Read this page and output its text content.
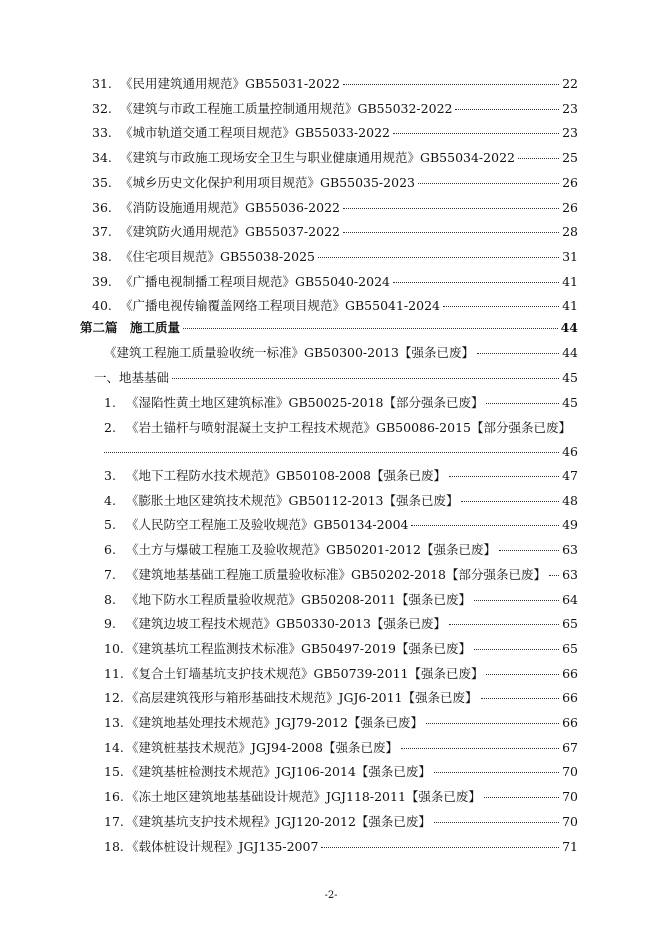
31. 《民用建筑通用规范》GB55031-2022	22
32. 《建筑与市政工程施工质量控制通用规范》GB55032-2022	23
33. 《城市轨道交通工程项目规范》GB55033-2022	23
34. 《建筑与市政施工现场安全卫生与职业健康通用规范》GB55034-2022	25
35. 《城乡历史文化保护利用项目规范》GB55035-2023	26
36. 《消防设施通用规范》GB55036-2022	26
37. 《建筑防火通用规范》GB55037-2022	28
38. 《住宅项目规范》GB55038-2025	31
39. 《广播电视制播工程项目规范》GB55040-2024	41
40. 《广播电视传输覆盖网络工程项目规范》GB55041-2024	41
第二篇　施工质量	44
《建筑工程施工质量验收统一标准》GB50300-2013【强条已废】	44
一、地基基础	45
1. 《湿陷性黄土地区建筑标准》GB50025-2018【部分强条已废】	45
2. 《岩土锚杆与喷射混凝土支护工程技术规范》GB50086-2015【部分强条已废】
46
3. 《地下工程防水技术规范》GB50108-2008【强条已废】	47
4. 《膨胀土地区建筑技术规范》GB50112-2013【强条已废】	48
5. 《人民防空工程施工及验收规范》GB50134-2004	49
6. 《土方与爆破工程施工及验收规范》GB50201-2012【强条已废】	63
7. 《建筑地基基础工程施工质量验收标准》GB50202-2018【部分强条已废】 63
8. 《地下防水工程质量验收规范》GB50208-2011【强条已废】	64
9. 《建筑边坡工程技术规范》GB50330-2013【强条已废】	65
10. 《建筑基坑工程监测技术标准》GB50497-2019【强条已废】	65
11. 《复合土钉墙基坑支护技术规范》GB50739-2011【强条已废】	66
12. 《高层建筑筏形与箱形基础技术规范》JGJ6-2011【强条已废】	66
13. 《建筑地基处理技术规范》JGJ79-2012【强条已废】	66
14. 《建筑桩基技术规范》JGJ94-2008【强条已废】	67
15. 《建筑基桩检测技术规范》JGJ106-2014【强条已废】	70
16. 《冻土地区建筑地基基础设计规范》JGJ118-2011【强条已废】	70
17. 《建筑基坑支护技术规程》JGJ120-2012【强条已废】	70
18. 《载体桩设计规程》JGJ135-2007	71
-2-
